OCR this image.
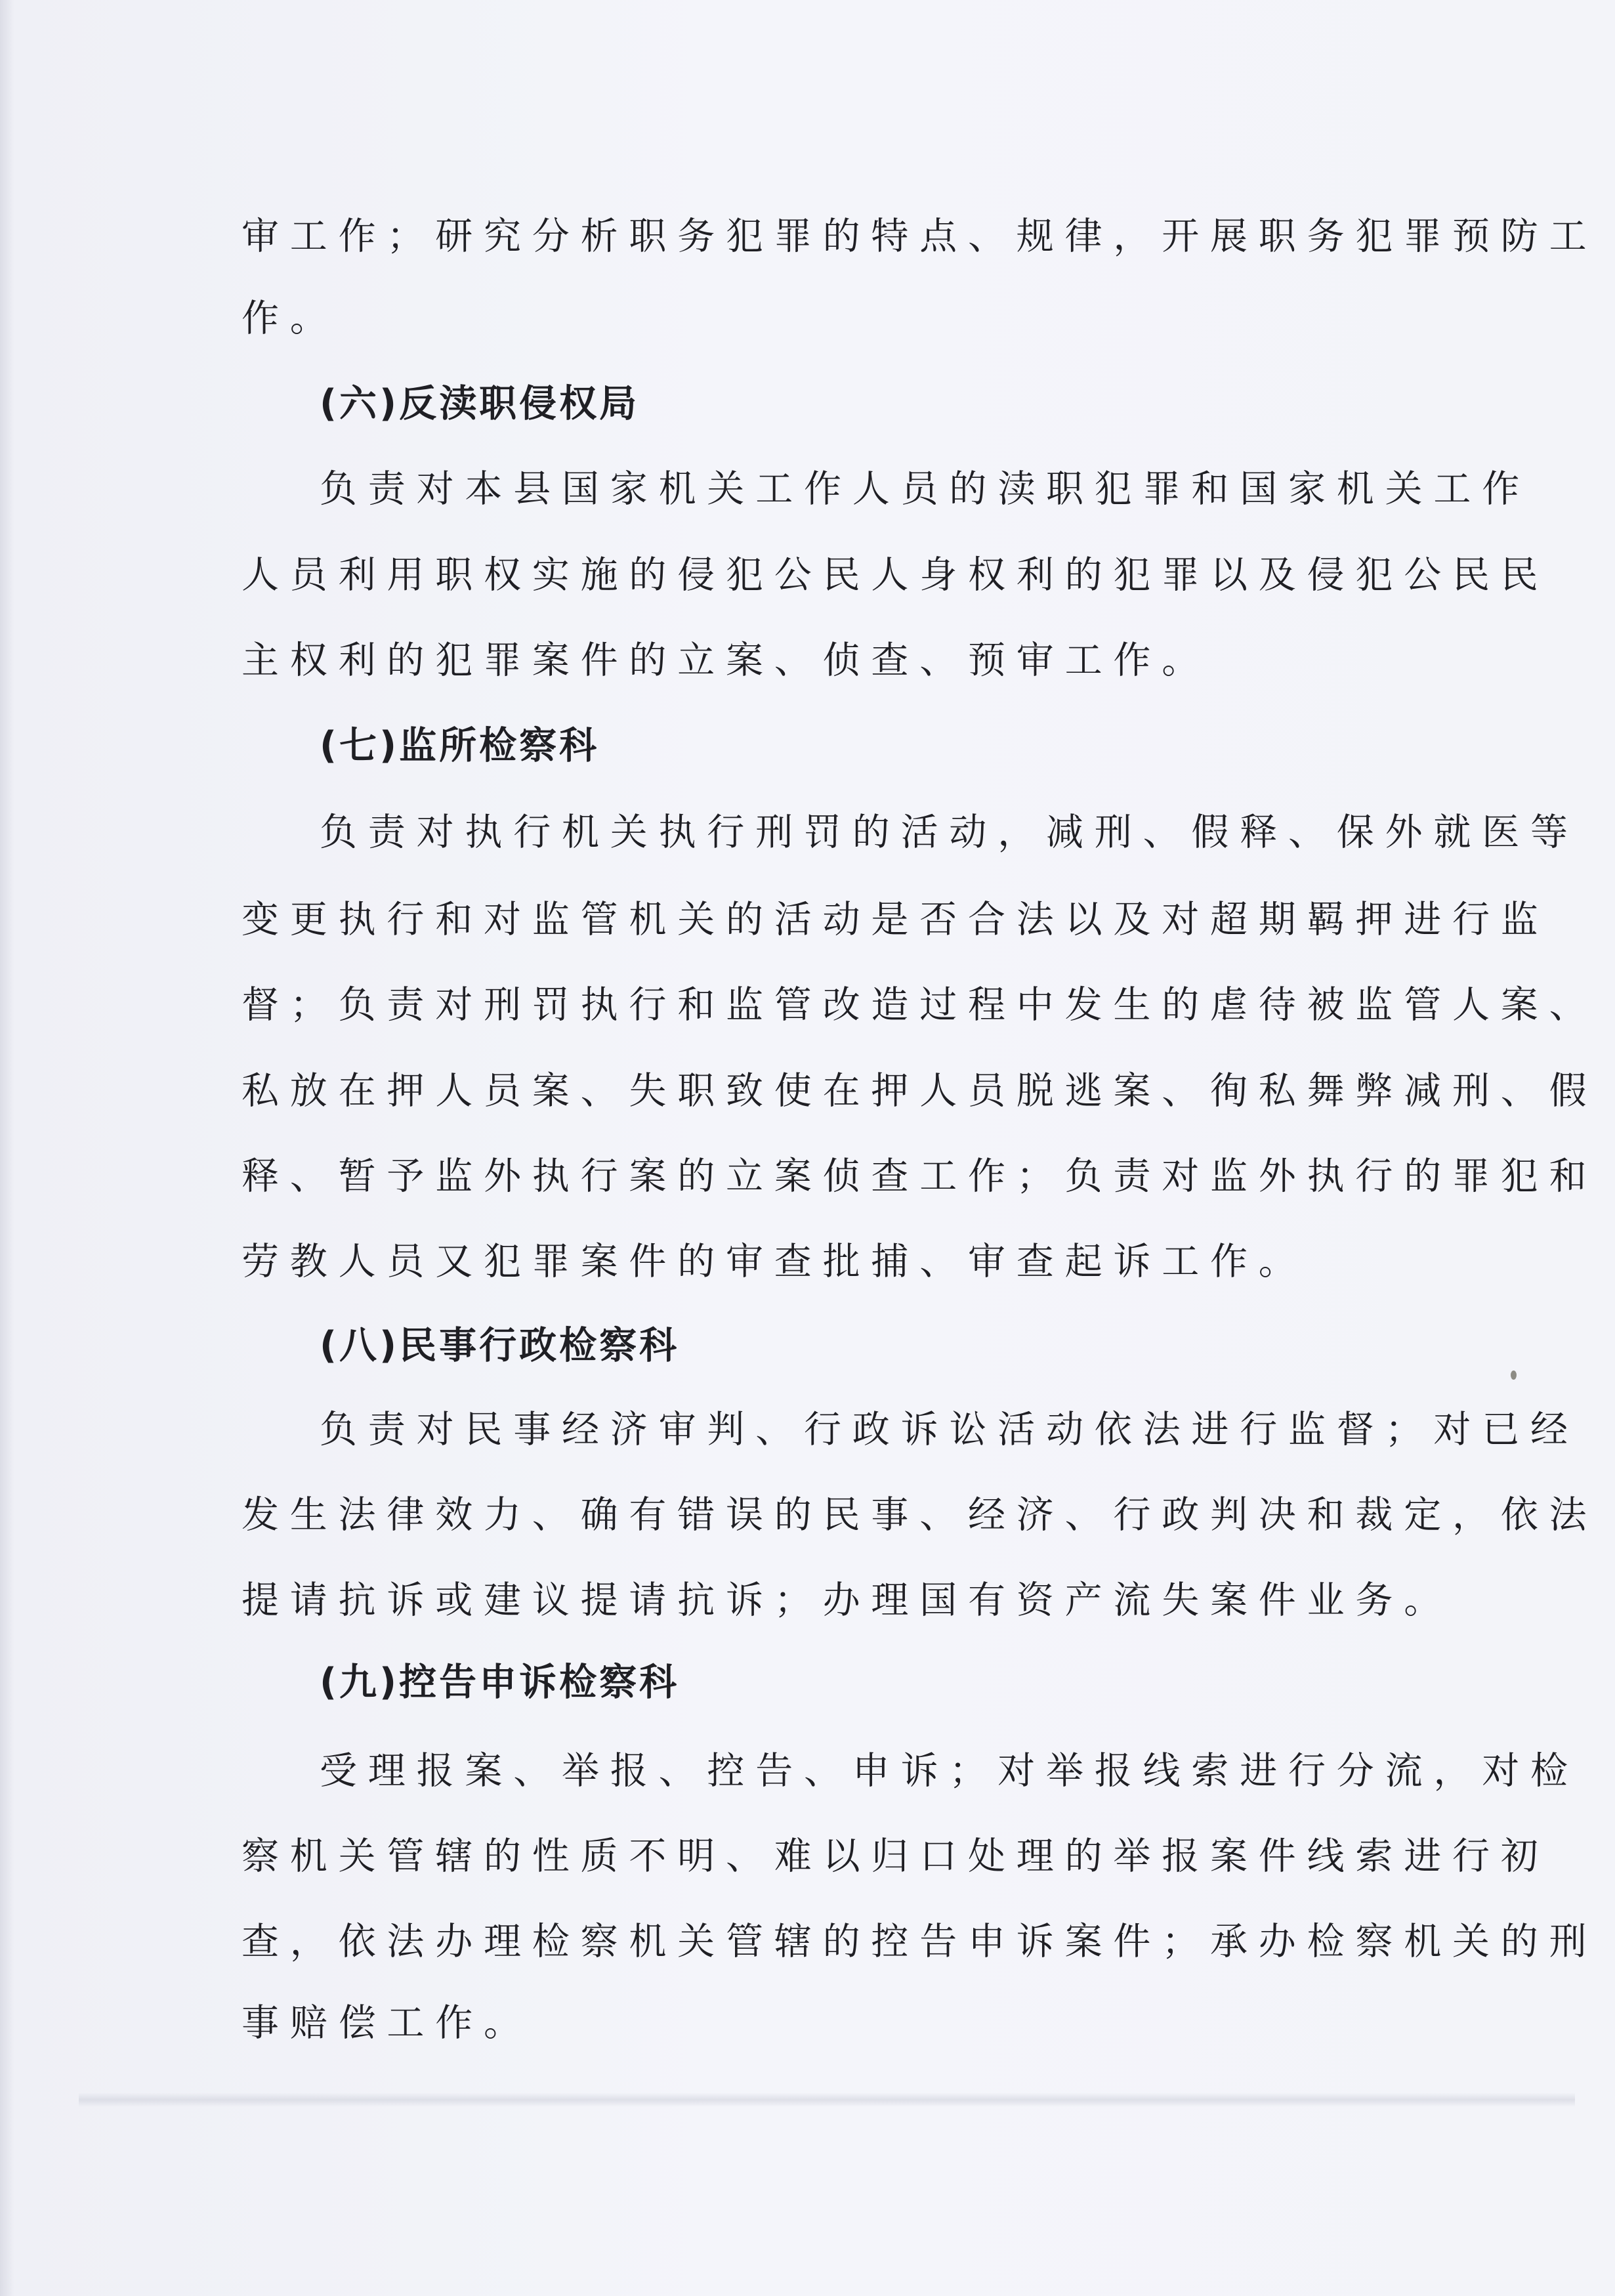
审工作；研究分析职务犯罪的特点、规律，开展职务犯罪预防工
作。
(六)反渎职侵权局
负责对本县国家机关工作人员的渎职犯罪和国家机关工作
人员利用职权实施的侵犯公民人身权利的犯罪以及侵犯公民民
主权利的犯罪案件的立案、侦查、预审工作。
(七)监所检察科
负责对执行机关执行刑罚的活动，减刑、假释、保外就医等
变更执行和对监管机关的活动是否合法以及对超期羁押进行监
督；负责对刑罚执行和监管改造过程中发生的虐待被监管人案、
私放在押人员案、失职致使在押人员脱逃案、徇私舞弊减刑、假
释、暂予监外执行案的立案侦查工作；负责对监外执行的罪犯和
劳教人员又犯罪案件的审查批捕、审查起诉工作。
(八)民事行政检察科
负责对民事经济审判、行政诉讼活动依法进行监督；对已经
发生法律效力、确有错误的民事、经济、行政判决和裁定，依法
提请抗诉或建议提请抗诉；办理国有资产流失案件业务。
(九)控告申诉检察科
受理报案、举报、控告、申诉；对举报线索进行分流，对检
察机关管辖的性质不明、难以归口处理的举报案件线索进行初
查，依法办理检察机关管辖的控告申诉案件；承办检察机关的刑
事赔偿工作。
